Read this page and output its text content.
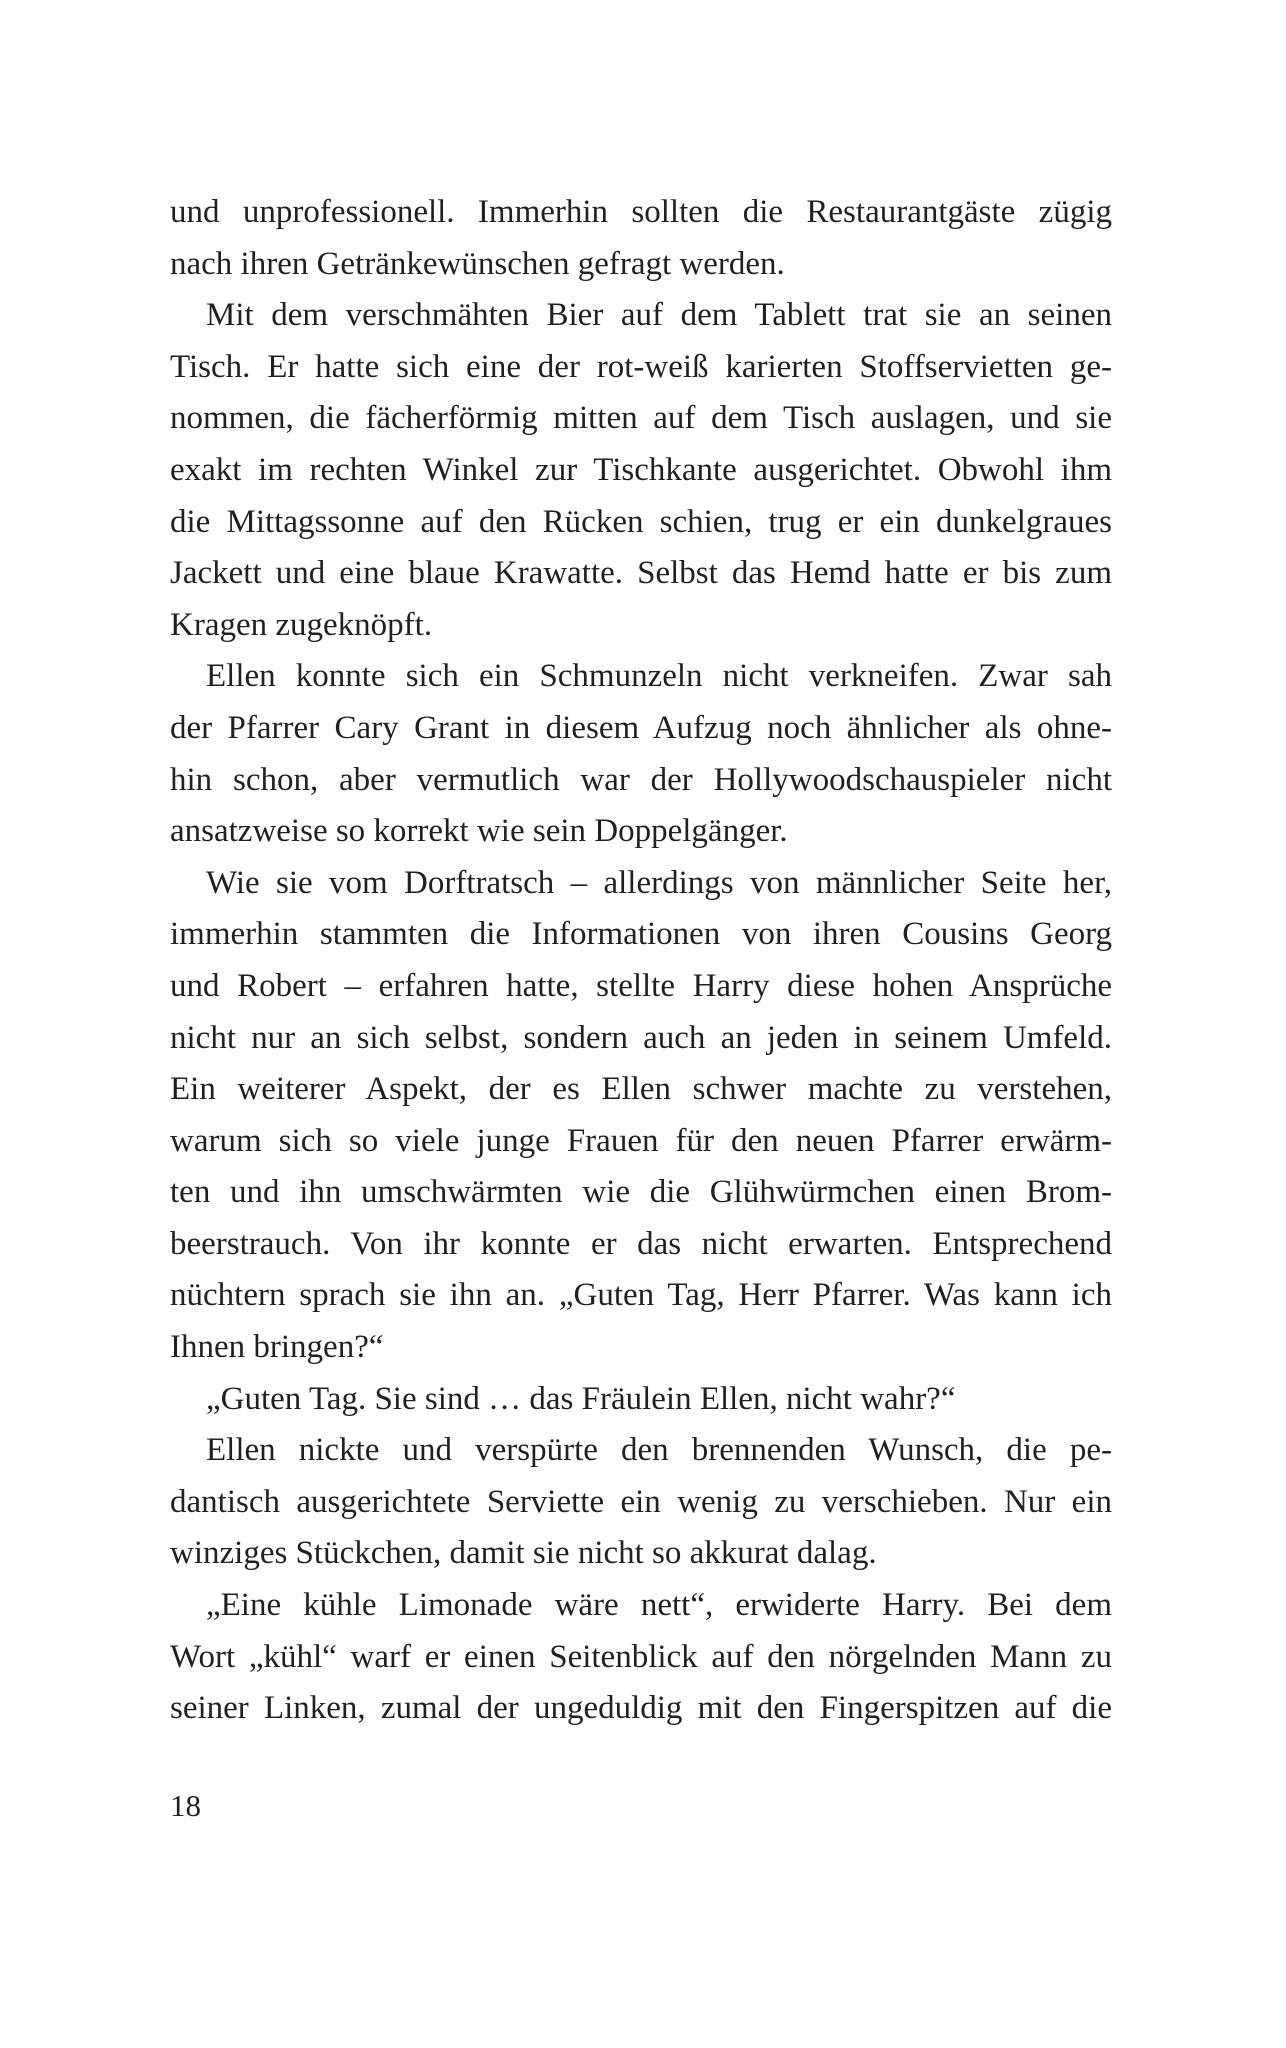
und unprofessionell. Immerhin sollten die Restaurantgäste zügig
nach ihren Getränkewünschen gefragt werden.
Mit dem verschmähten Bier auf dem Tablett trat sie an seinen
Tisch. Er hatte sich eine der rot-weiß karierten Stoffservietten ge-
nommen, die fächerförmig mitten auf dem Tisch auslagen, und sie
exakt im rechten Winkel zur Tischkante ausgerichtet. Obwohl ihm
die Mittagssonne auf den Rücken schien, trug er ein dunkelgraues
Jackett und eine blaue Krawatte. Selbst das Hemd hatte er bis zum
Kragen zugeknöpft.
Ellen konnte sich ein Schmunzeln nicht verkneifen. Zwar sah
der Pfarrer Cary Grant in diesem Aufzug noch ähnlicher als ohne-
hin schon, aber vermutlich war der Hollywoodschauspieler nicht
ansatzweise so korrekt wie sein Doppelgänger.
Wie sie vom Dorftratsch – allerdings von männlicher Seite her,
immerhin stammten die Informationen von ihren Cousins Georg
und Robert – erfahren hatte, stellte Harry diese hohen Ansprüche
nicht nur an sich selbst, sondern auch an jeden in seinem Umfeld.
Ein weiterer Aspekt, der es Ellen schwer machte zu verstehen,
warum sich so viele junge Frauen für den neuen Pfarrer erwärm-
ten und ihn umschwärmten wie die Glühwürmchen einen Brom-
beerstrauch. Von ihr konnte er das nicht erwarten. Entsprechend
nüchtern sprach sie ihn an. „Guten Tag, Herr Pfarrer. Was kann ich
Ihnen bringen?“
„Guten Tag. Sie sind … das Fräulein Ellen, nicht wahr?“
Ellen nickte und verspürte den brennenden Wunsch, die pe-
dantisch ausgerichtete Serviette ein wenig zu verschieben. Nur ein
winziges Stückchen, damit sie nicht so akkurat dalag.
„Eine kühle Limonade wäre nett“, erwiderte Harry. Bei dem
Wort „kühl“ warf er einen Seitenblick auf den nörgelnden Mann zu
seiner Linken, zumal der ungeduldig mit den Fingerspitzen auf die
18
